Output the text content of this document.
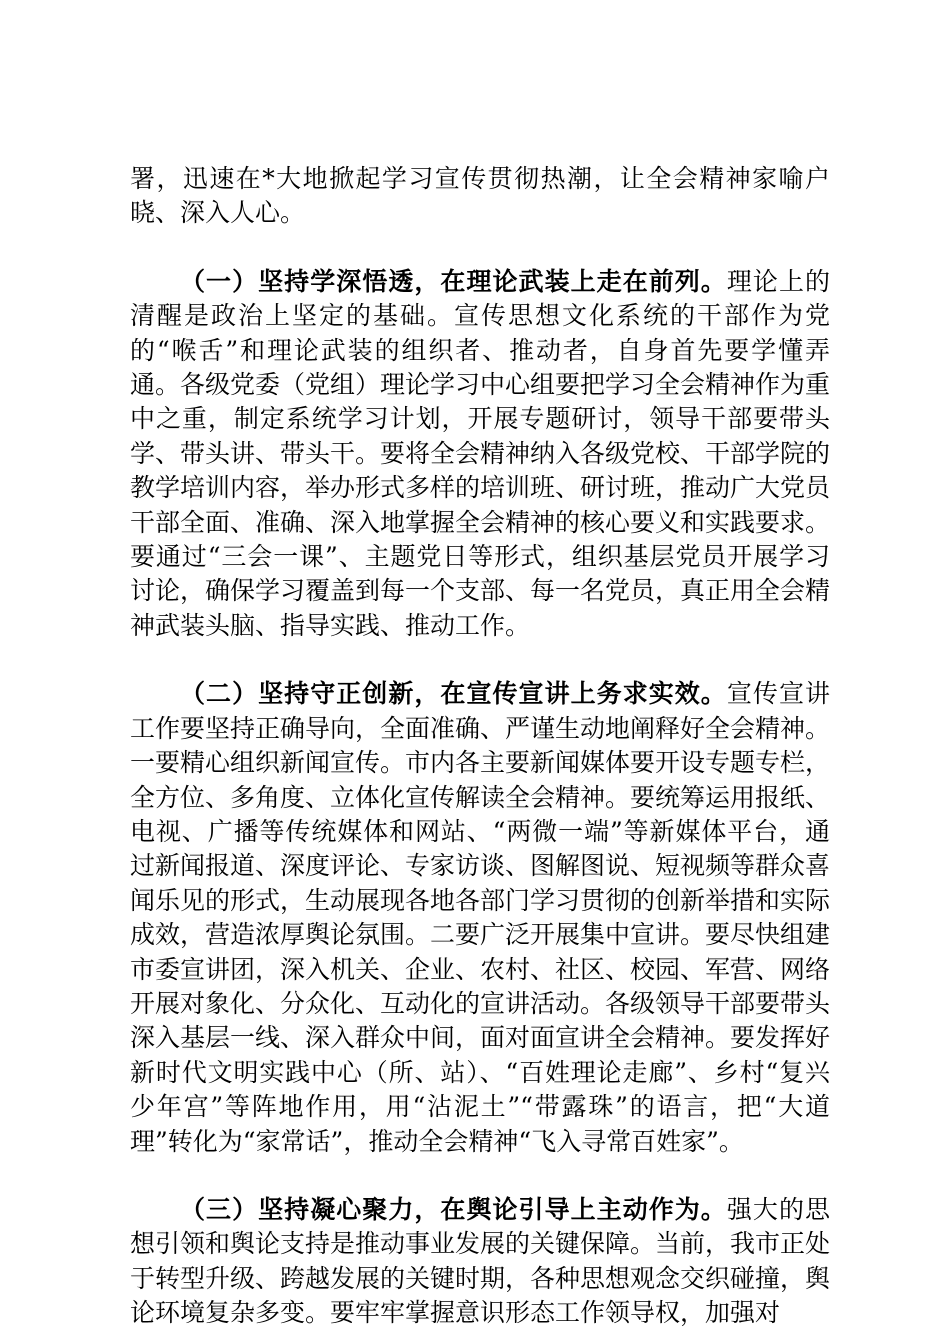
署，迅速在*大地掀起学习宣传贯彻热潮，让全会精神家喻户晓、深入人心。

（一）坚持学深悟透，在理论武装上走在前列。理论上的清醒是政治上坚定的基础。宣传思想文化系统的干部作为党的“喉舌”和理论武装的组织者、推动者，自身首先要学懂弄通。各级党委（党组）理论学习中心组要把学习全会精神作为重中之重，制定系统学习计划，开展专题研讨，领导干部要带头学、带头讲、带头干。要将全会精神纳入各级党校、干部学院的教学培训内容，举办形式多样的培训班、研讨班，推动广大党员干部全面、准确、深入地掌握全会精神的核心要义和实践要求。要通过“三会一课”、主题党日等形式，组织基层党员开展学习讨论，确保学习覆盖到每一个支部、每一名党员，真正用全会精神武装头脑、指导实践、推动工作。

（二）坚持守正创新，在宣传宣讲上务求实效。宣传宣讲工作要坚持正确导向，全面准确、严谨生动地阐释好全会精神。一要精心组织新闻宣传。市内各主要新闻媒体要开设专题专栏，全方位、多角度、立体化宣传解读全会精神。要统筹运用报纸、电视、广播等传统媒体和网站、“两微一端”等新媒体平台，通过新闻报道、深度评论、专家访谈、图解图说、短视频等群众喜闻乐见的形式，生动展现各地各部门学习贯彻的创新举措和实际成效，营造浓厚舆论氛围。二要广泛开展集中宣讲。要尽快组建市委宣讲团，深入机关、企业、农村、社区、校园、军营、网络开展对象化、分众化、互动化的宣讲活动。各级领导干部要带头深入基层一线、深入群众中间，面对面宣讲全会精神。要发挥好新时代文明实践中心（所、站）、“百姓理论走廊”、乡村“复兴少年宫”等阵地作用，用“沾泥土”“带露珠”的语言，把“大道理”转化为“家常话”，推动全会精神“飞入寻常百姓家”。

（三）坚持凝心聚力，在舆论引导上主动作为。强大的思想引领和舆论支持是推动事业发展的关键保障。当前，我市正处于转型升级、跨越发展的关键时期，各种思想观念交织碰撞，舆论环境复杂多变。要牢牢掌握意识形态工作领导权，加强对
